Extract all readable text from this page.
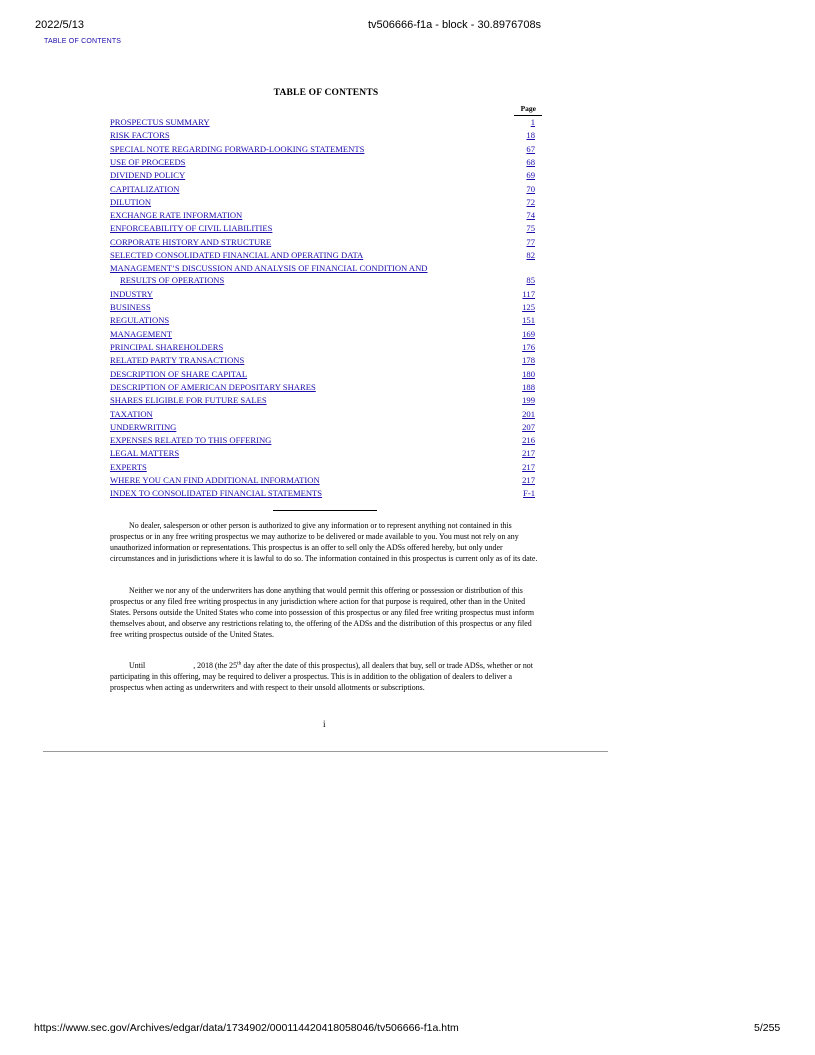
2022/5/13	tv506666-f1a - block - 30.8976708s
TABLE OF CONTENTS
TABLE OF CONTENTS
Page
PROSPECTUS SUMMARY	1
RISK FACTORS	18
SPECIAL NOTE REGARDING FORWARD-LOOKING STATEMENTS	67
USE OF PROCEEDS	68
DIVIDEND POLICY	69
CAPITALIZATION	70
DILUTION	72
EXCHANGE RATE INFORMATION	74
ENFORCEABILITY OF CIVIL LIABILITIES	75
CORPORATE HISTORY AND STRUCTURE	77
SELECTED CONSOLIDATED FINANCIAL AND OPERATING DATA	82
MANAGEMENT’S DISCUSSION AND ANALYSIS OF FINANCIAL CONDITION AND
RESULTS OF OPERATIONS	85
INDUSTRY	117
BUSINESS	125
REGULATIONS	151
MANAGEMENT	169
PRINCIPAL SHAREHOLDERS	176
RELATED PARTY TRANSACTIONS	178
DESCRIPTION OF SHARE CAPITAL	180
DESCRIPTION OF AMERICAN DEPOSITARY SHARES	188
SHARES ELIGIBLE FOR FUTURE SALES	199
TAXATION	201
UNDERWRITING	207
EXPENSES RELATED TO THIS OFFERING	216
LEGAL MATTERS	217
EXPERTS	217
WHERE YOU CAN FIND ADDITIONAL INFORMATION	217
INDEX TO CONSOLIDATED FINANCIAL STATEMENTS	F-1
No dealer, salesperson or other person is authorized to give any information or to represent anything not contained in this prospectus or in any free writing prospectus we may authorize to be delivered or made available to you. You must not rely on any unauthorized information or representations. This prospectus is an offer to sell only the ADSs offered hereby, but only under circumstances and in jurisdictions where it is lawful to do so. The information contained in this prospectus is current only as of its date.
Neither we nor any of the underwriters has done anything that would permit this offering or possession or distribution of this prospectus or any filed free writing prospectus in any jurisdiction where action for that purpose is required, other than in the United States. Persons outside the United States who come into possession of this prospectus or any filed free writing prospectus must inform themselves about, and observe any restrictions relating to, the offering of the ADSs and the distribution of this prospectus or any filed free writing prospectus outside of the United States.
Until	, 2018 (the 25th day after the date of this prospectus), all dealers that buy, sell or trade ADSs, whether or not participating in this offering, may be required to deliver a prospectus. This is in addition to the obligation of dealers to deliver a prospectus when acting as underwriters and with respect to their unsold allotments or subscriptions.
i
https://www.sec.gov/Archives/edgar/data/1734902/000114420418058046/tv506666-f1a.htm	5/255
